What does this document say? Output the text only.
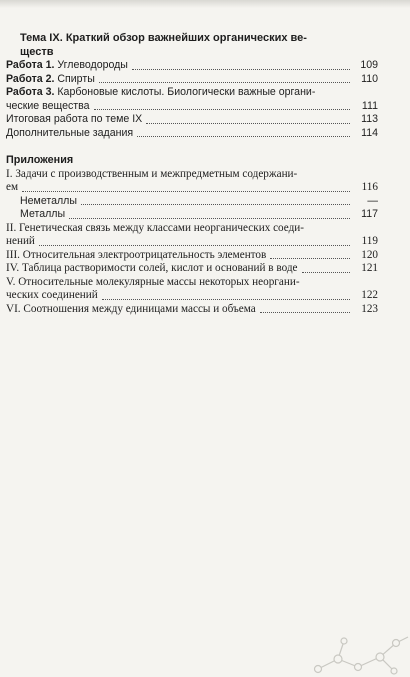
Тема IX. Краткий обзор важнейших органических ве-
ществ
Работа 1. Углеводороды	109
Работа 2. Спирты	110
Работа 3. Карбоновые кислоты. Биологически важные органи-
ческие вещества	111
Итоговая работа по теме IX	113
Дополнительные задания	114
Приложения
I. Задачи с производственным и межпредметным содержани-
ем	116
Неметаллы	—
Металлы	117
II. Генетическая связь между классами неорганических соеди-
нений	119
III. Относительная электроотрицательность элементов	120
IV. Таблица растворимости солей, кислот и оснований в воде	121
V. Относительные молекулярные массы некоторых неоргани-
ческих соединений	122
VI. Соотношения между единицами массы и объема	123
